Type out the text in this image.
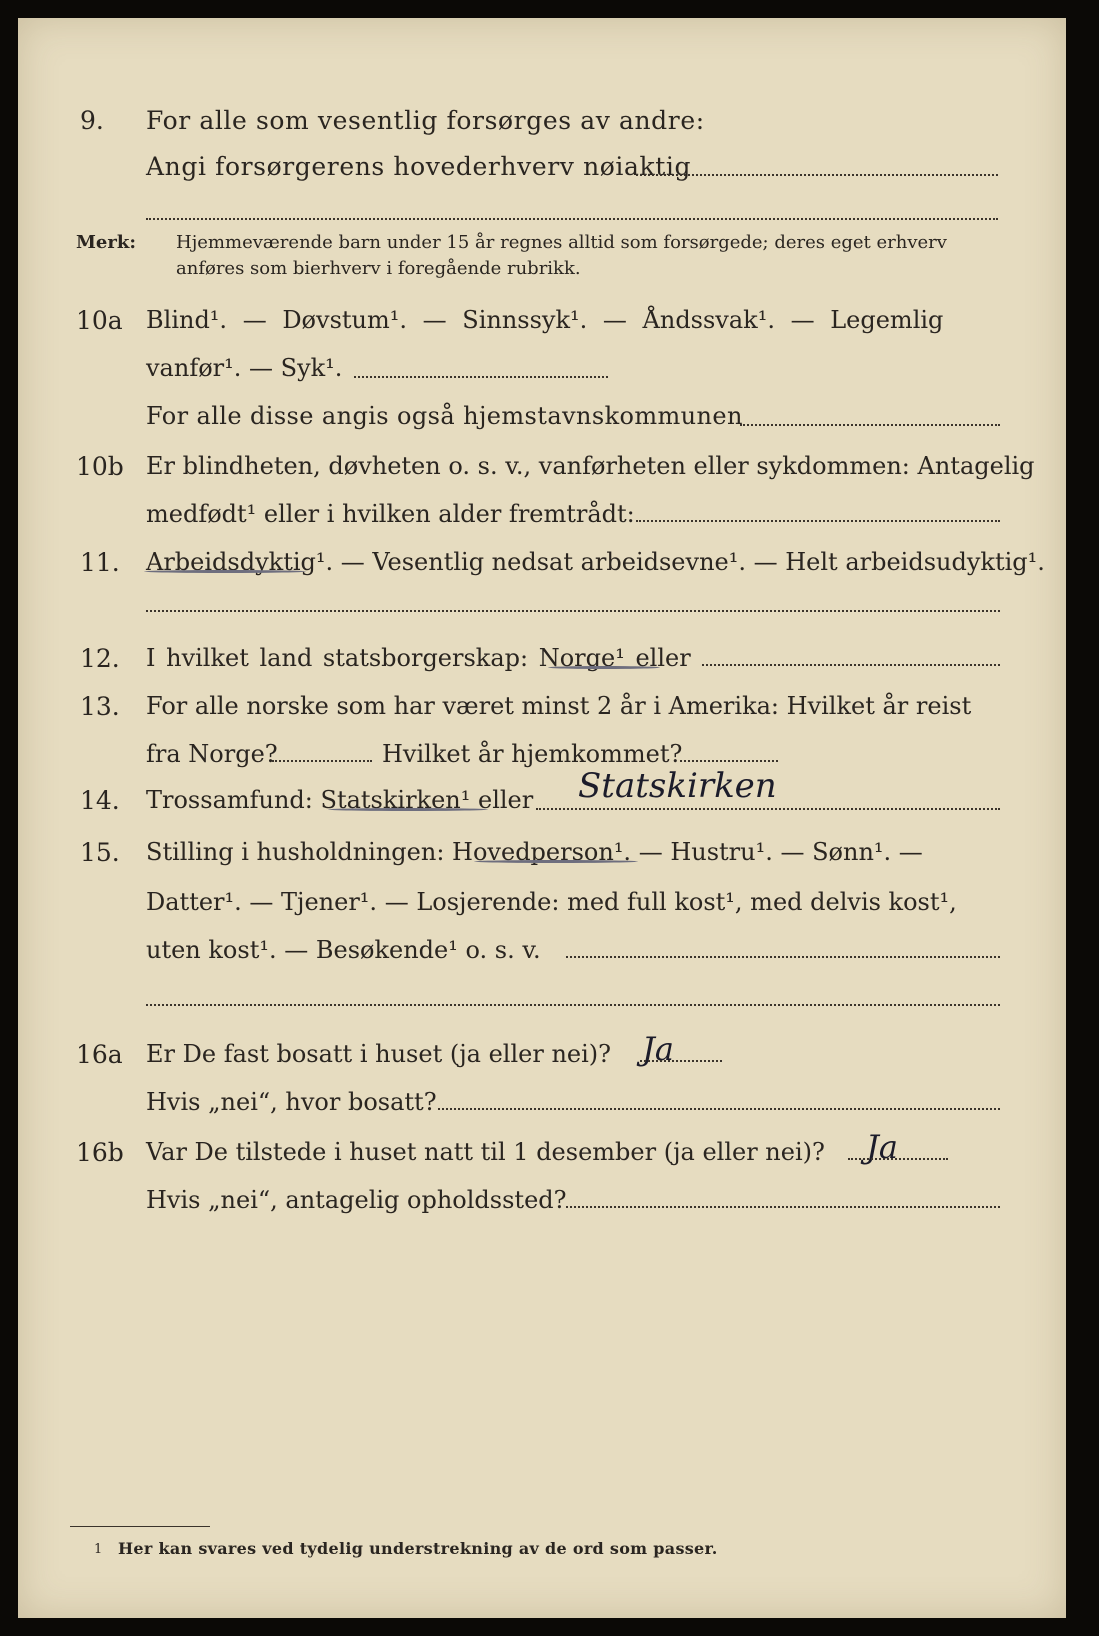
9. For alle som vesentlig forsørges av andre:
Angi forsørgerens hovederhverv nøiaktig
Merk: Hjemmeværende barn under 15 år regnes alltid som forsørgede; deres eget erhverv
anføres som bierhverv i foregående rubrikk.
10a Blind¹. — Døvstum¹. — Sinnssyk¹. — Åndssvak¹. — Legemlig
vanfør¹. — Syk¹.
For alle disse angis også hjemstavnskommunen
10b Er blindheten, døvheten o. s. v., vanførheten eller sykdommen: Antagelig
medfødt¹ eller i hvilken alder fremtrådt:
11. Arbeidsdyktig¹. — Vesentlig nedsat arbeidsevne¹. — Helt arbeidsudyktig¹.
12. I hvilket land statsborgerskap: Norge¹ eller
13. For alle norske som har været minst 2 år i Amerika: Hvilket år reist
fra Norge?	Hvilket år hjemkommet?
14. Trossamfund: Statskirken¹ eller Statskirken
15. Stilling i husholdningen: Hovedperson¹. — Hustru¹. — Sønn¹. —
Datter¹. — Tjener¹. — Losjerende: med full kost¹, med delvis kost¹,
uten kost¹. — Besøkende¹ o. s. v.
16a Er De fast bosatt i huset (ja eller nei)? Ja
Hvis „nei“, hvor bosatt?
16b Var De tilstede i huset natt til 1 desember (ja eller nei)? Ja
Hvis „nei“, antagelig opholdssted?
1 Her kan svares ved tydelig understrekning av de ord som passer.
